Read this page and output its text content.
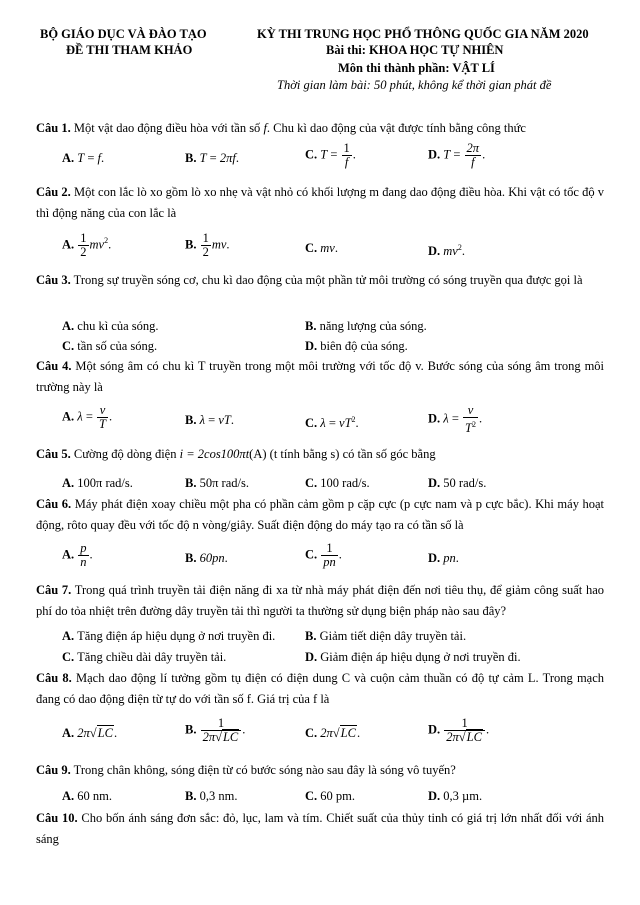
BỘ GIÁO DỤC VÀ ĐÀO TẠO
ĐỀ THI THAM KHẢO
KỲ THI TRUNG HỌC PHỔ THÔNG QUỐC GIA NĂM 2020
Bài thi: KHOA HỌC TỰ NHIÊN
Môn thi thành phần: VẬT LÍ
Thời gian làm bài: 50 phút, không kể thời gian phát đề
Câu 1. Một vật dao động điều hòa với tần số f. Chu kì dao động của vật được tính bằng công thức
A. T = f.	B. T = 2πf.	C. $T = \frac{1}{f}$ .	D. $T = \frac{2\pi}{f}$ .
Câu 2. Một con lắc lò xo gồm lò xo nhẹ và vật nhỏ có khối lượng m đang dao động điều hòa. Khi vật có tốc độ v thì động năng của con lắc là
A. $\frac{1}{2} mv^2$.	B. $\frac{1}{2}$ mv.	C. mv.	D. $mv^2$.
Câu 3. Trong sự truyền sóng cơ, chu kì dao động của một phần tử môi trường có sóng truyền qua được gọi là
A. chu kì của sóng.	B. năng lượng của sóng.
C. tần số của sóng.	D. biên độ của sóng.
Câu 4. Một sóng âm có chu kì T truyền trong một môi trường với tốc độ v. Bước sóng của sóng âm trong môi trường này là
A. $\lambda = \frac{v}{T}$ .	B. λ = vT.	C. $\lambda = vT^2$.	D. $\lambda = \frac{v}{T^2}$ .
Câu 5. Cường độ dòng điện i = 2cos100πt(A) (t tính bằng s) có tần số góc bằng
A. 100π rad/s.	B. 50π rad/s.	C. 100 rad/s.	D. 50 rad/s.
Câu 6. Máy phát điện xoay chiều một pha có phần cảm gồm p cặp cực (p cực nam và p cực bắc). Khi máy hoạt động, rôto quay đều với tốc độ n vòng/giây. Suất điện động do máy tạo ra có tần số là
A. $\frac{p}{n}$ .	B. 60pn.	C. $\frac{1}{pn}$ .	D. pn.
Câu 7. Trong quá trình truyền tải điện năng đi xa từ nhà máy phát điện đến nơi tiêu thụ, để giảm công suất hao phí do tỏa nhiệt trên đường dây truyền tải thì người ta thường sử dụng biện pháp nào sau đây?
A. Tăng điện áp hiệu dụng ở nơi truyền đi. B. Giảm tiết diện dây truyền tải.
C. Tăng chiều dài dây truyền tải.	D. Giảm điện áp hiệu dụng ở nơi truyền đi.
Câu 8. Mạch dao động lí tưởng gồm tụ điện có điện dung C và cuộn cảm thuần có độ tự cảm L. Trong mạch đang có dao động điện từ tự do với tần số f. Giá trị của f là
A. 2π√LC.	B. $\frac{1}{2\pi√LC}$ .	C. 2π√LC.	D. $\frac{1}{2\pi√LC}$ .
Câu 9. Trong chân không, sóng điện từ có bước sóng nào sau đây là sóng vô tuyến?
A. 60 nm.	B. 0,3 nm.	C. 60 pm.	D. 0,3 µm.
Câu 10. Cho bốn ánh sáng đơn sắc: đỏ, lục, lam và tím. Chiết suất của thủy tinh có giá trị lớn nhất đối với ánh sáng
